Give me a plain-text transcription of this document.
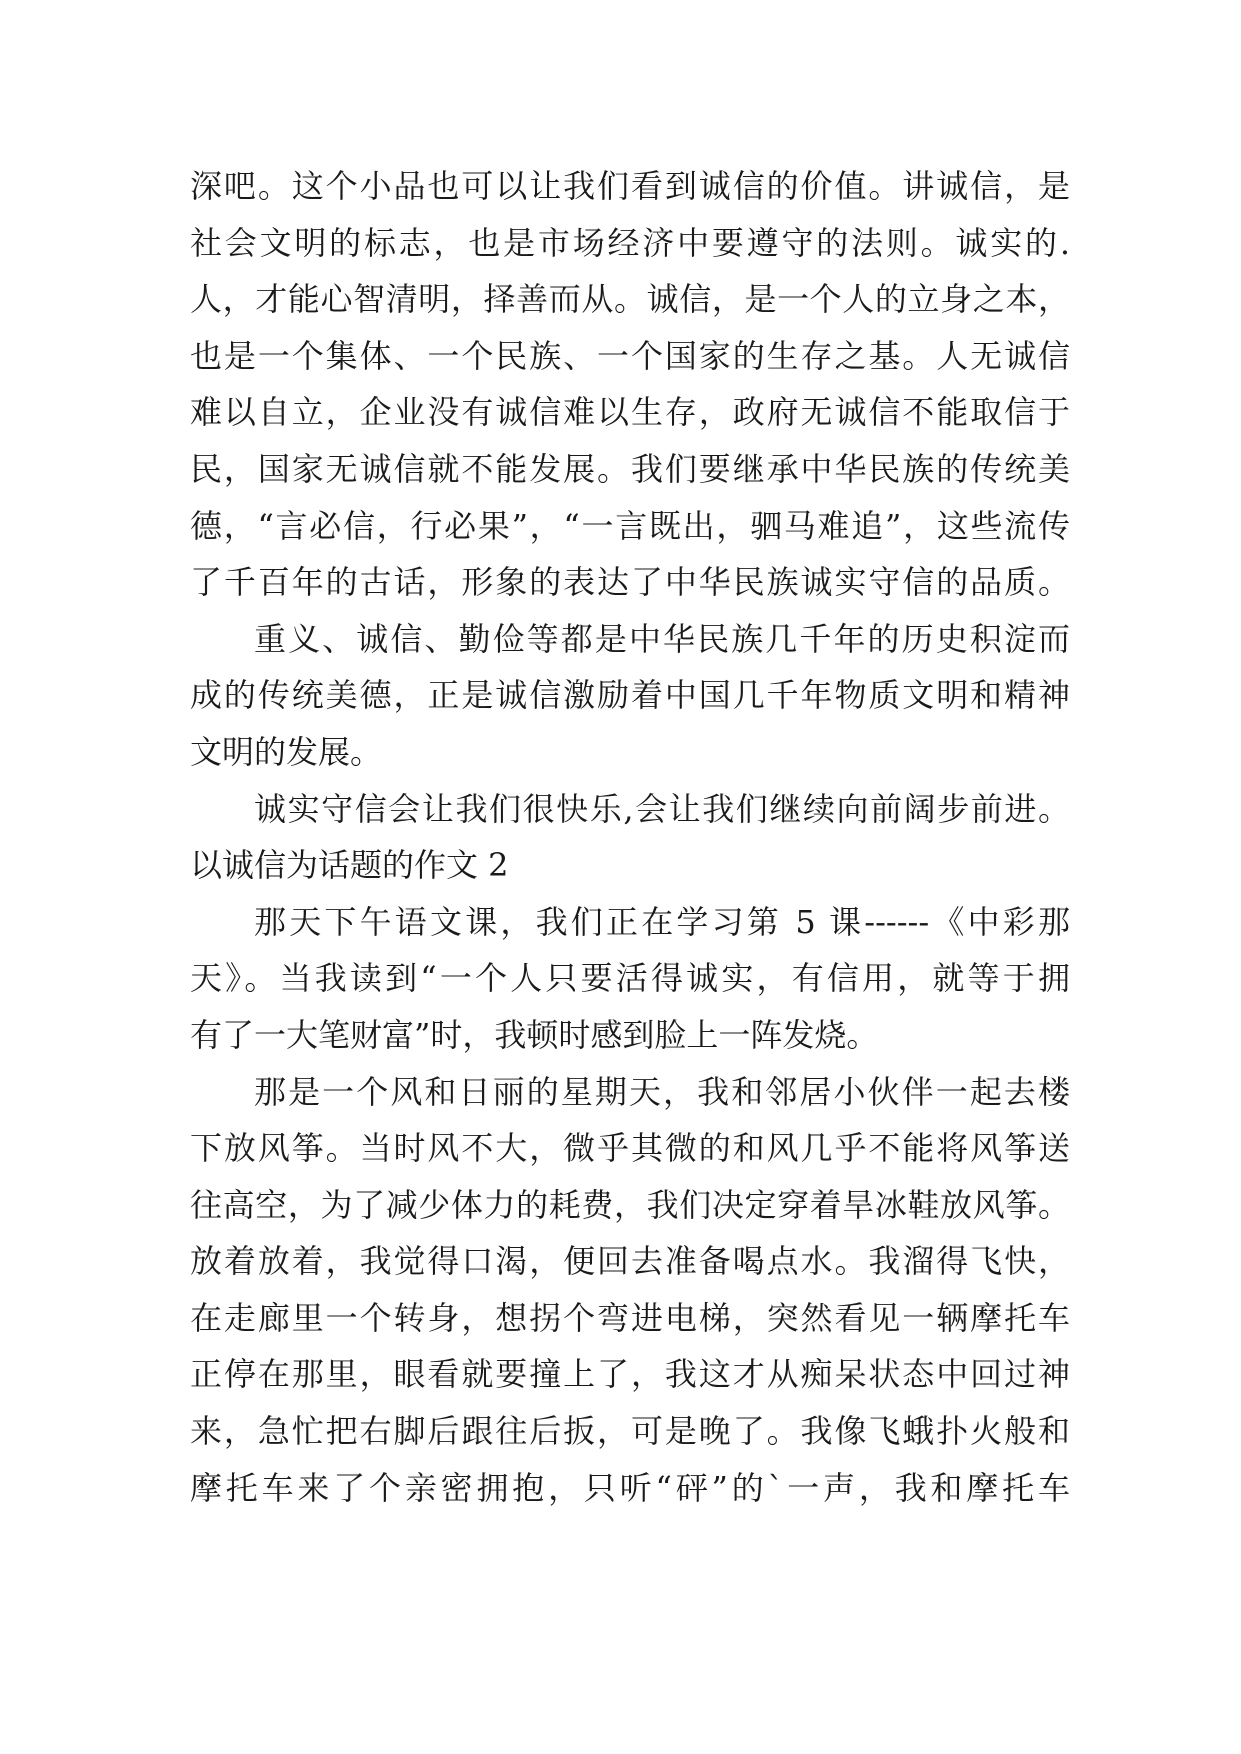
深吧。这个小品也可以让我们看到诚信的价值。讲诚信，是
社会文明的标志，也是市场经济中要遵守的法则。诚实的.
人，才能心智清明，择善而从。诚信，是一个人的立身之本，
也是一个集体、一个民族、一个国家的生存之基。人无诚信
难以自立，企业没有诚信难以生存，政府无诚信不能取信于
民，国家无诚信就不能发展。我们要继承中华民族的传统美
德，“言必信，行必果”，“一言既出，驷马难追”，这些流传
了千百年的古话，形象的表达了中华民族诚实守信的品质。
重义、诚信、勤俭等都是中华民族几千年的历史积淀而
成的传统美德，正是诚信激励着中国几千年物质文明和精神
文明的发展。
诚实守信会让我们很快乐,会让我们继续向前阔步前进。
以诚信为话题的作文 2
那天下午语文课，我们正在学习第 5 课------《中彩那
天》。当我读到“一个人只要活得诚实，有信用，就等于拥
有了一大笔财富”时，我顿时感到脸上一阵发烧。
那是一个风和日丽的星期天，我和邻居小伙伴一起去楼
下放风筝。当时风不大，微乎其微的和风几乎不能将风筝送
往高空，为了减少体力的耗费，我们决定穿着旱冰鞋放风筝。
放着放着，我觉得口渴，便回去准备喝点水。我溜得飞快，
在走廊里一个转身，想拐个弯进电梯，突然看见一辆摩托车
正停在那里，眼看就要撞上了，我这才从痴呆状态中回过神
来，急忙把右脚后跟往后扳，可是晚了。我像飞蛾扑火般和
摩托车来了个亲密拥抱，只听“砰”的`一声，我和摩托车
